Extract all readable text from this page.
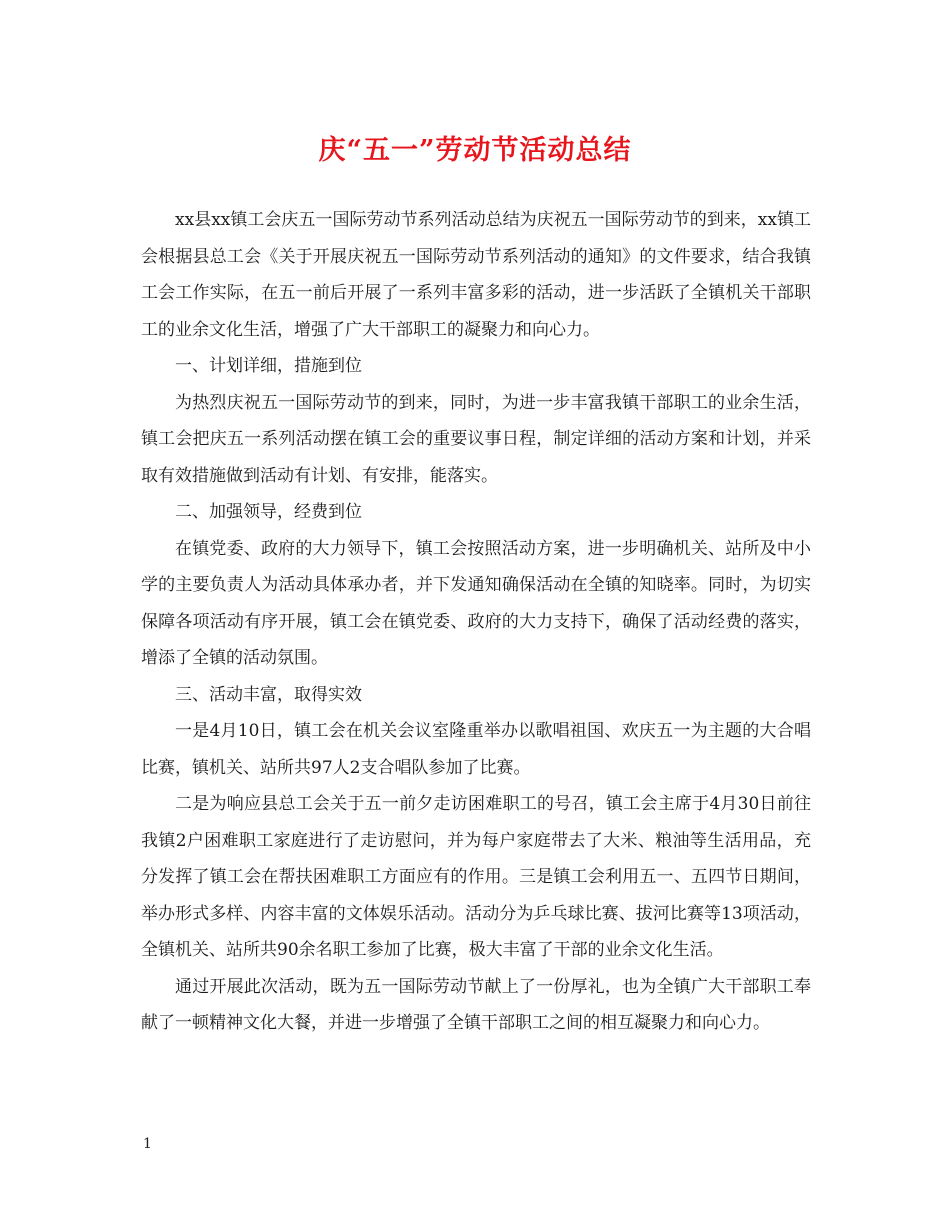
庆“五一”劳动节活动总结

xx县xx镇工会庆五一国际劳动节系列活动总结为庆祝五一国际劳动节的到来，xx镇工会根据县总工会《关于开展庆祝五一国际劳动节系列活动的通知》的文件要求，结合我镇工会工作实际，在五一前后开展了一系列丰富多彩的活动，进一步活跃了全镇机关干部职工的业余文化生活，增强了广大干部职工的凝聚力和向心力。

一、计划详细，措施到位

为热烈庆祝五一国际劳动节的到来，同时，为进一步丰富我镇干部职工的业余生活，镇工会把庆五一系列活动摆在镇工会的重要议事日程，制定详细的活动方案和计划，并采取有效措施做到活动有计划、有安排，能落实。

二、加强领导，经费到位

在镇党委、政府的大力领导下，镇工会按照活动方案，进一步明确机关、站所及中小学的主要负责人为活动具体承办者，并下发通知确保活动在全镇的知晓率。同时，为切实保障各项活动有序开展，镇工会在镇党委、政府的大力支持下，确保了活动经费的落实，增添了全镇的活动氛围。

三、活动丰富，取得实效

一是4月10日，镇工会在机关会议室隆重举办以歌唱祖国、欢庆五一为主题的大合唱比赛，镇机关、站所共97人2支合唱队参加了比赛。

二是为响应县总工会关于五一前夕走访困难职工的号召，镇工会主席于4月30日前往我镇2户困难职工家庭进行了走访慰问，并为每户家庭带去了大米、粮油等生活用品，充分发挥了镇工会在帮扶困难职工方面应有的作用。三是镇工会利用五一、五四节日期间，举办形式多样、内容丰富的文体娱乐活动。活动分为乒乓球比赛、拔河比赛等13项活动，全镇机关、站所共90余名职工参加了比赛，极大丰富了干部的业余文化生活。

通过开展此次活动，既为五一国际劳动节献上了一份厚礼，也为全镇广大干部职工奉献了一顿精神文化大餐，并进一步增强了全镇干部职工之间的相互凝聚力和向心力。

1
